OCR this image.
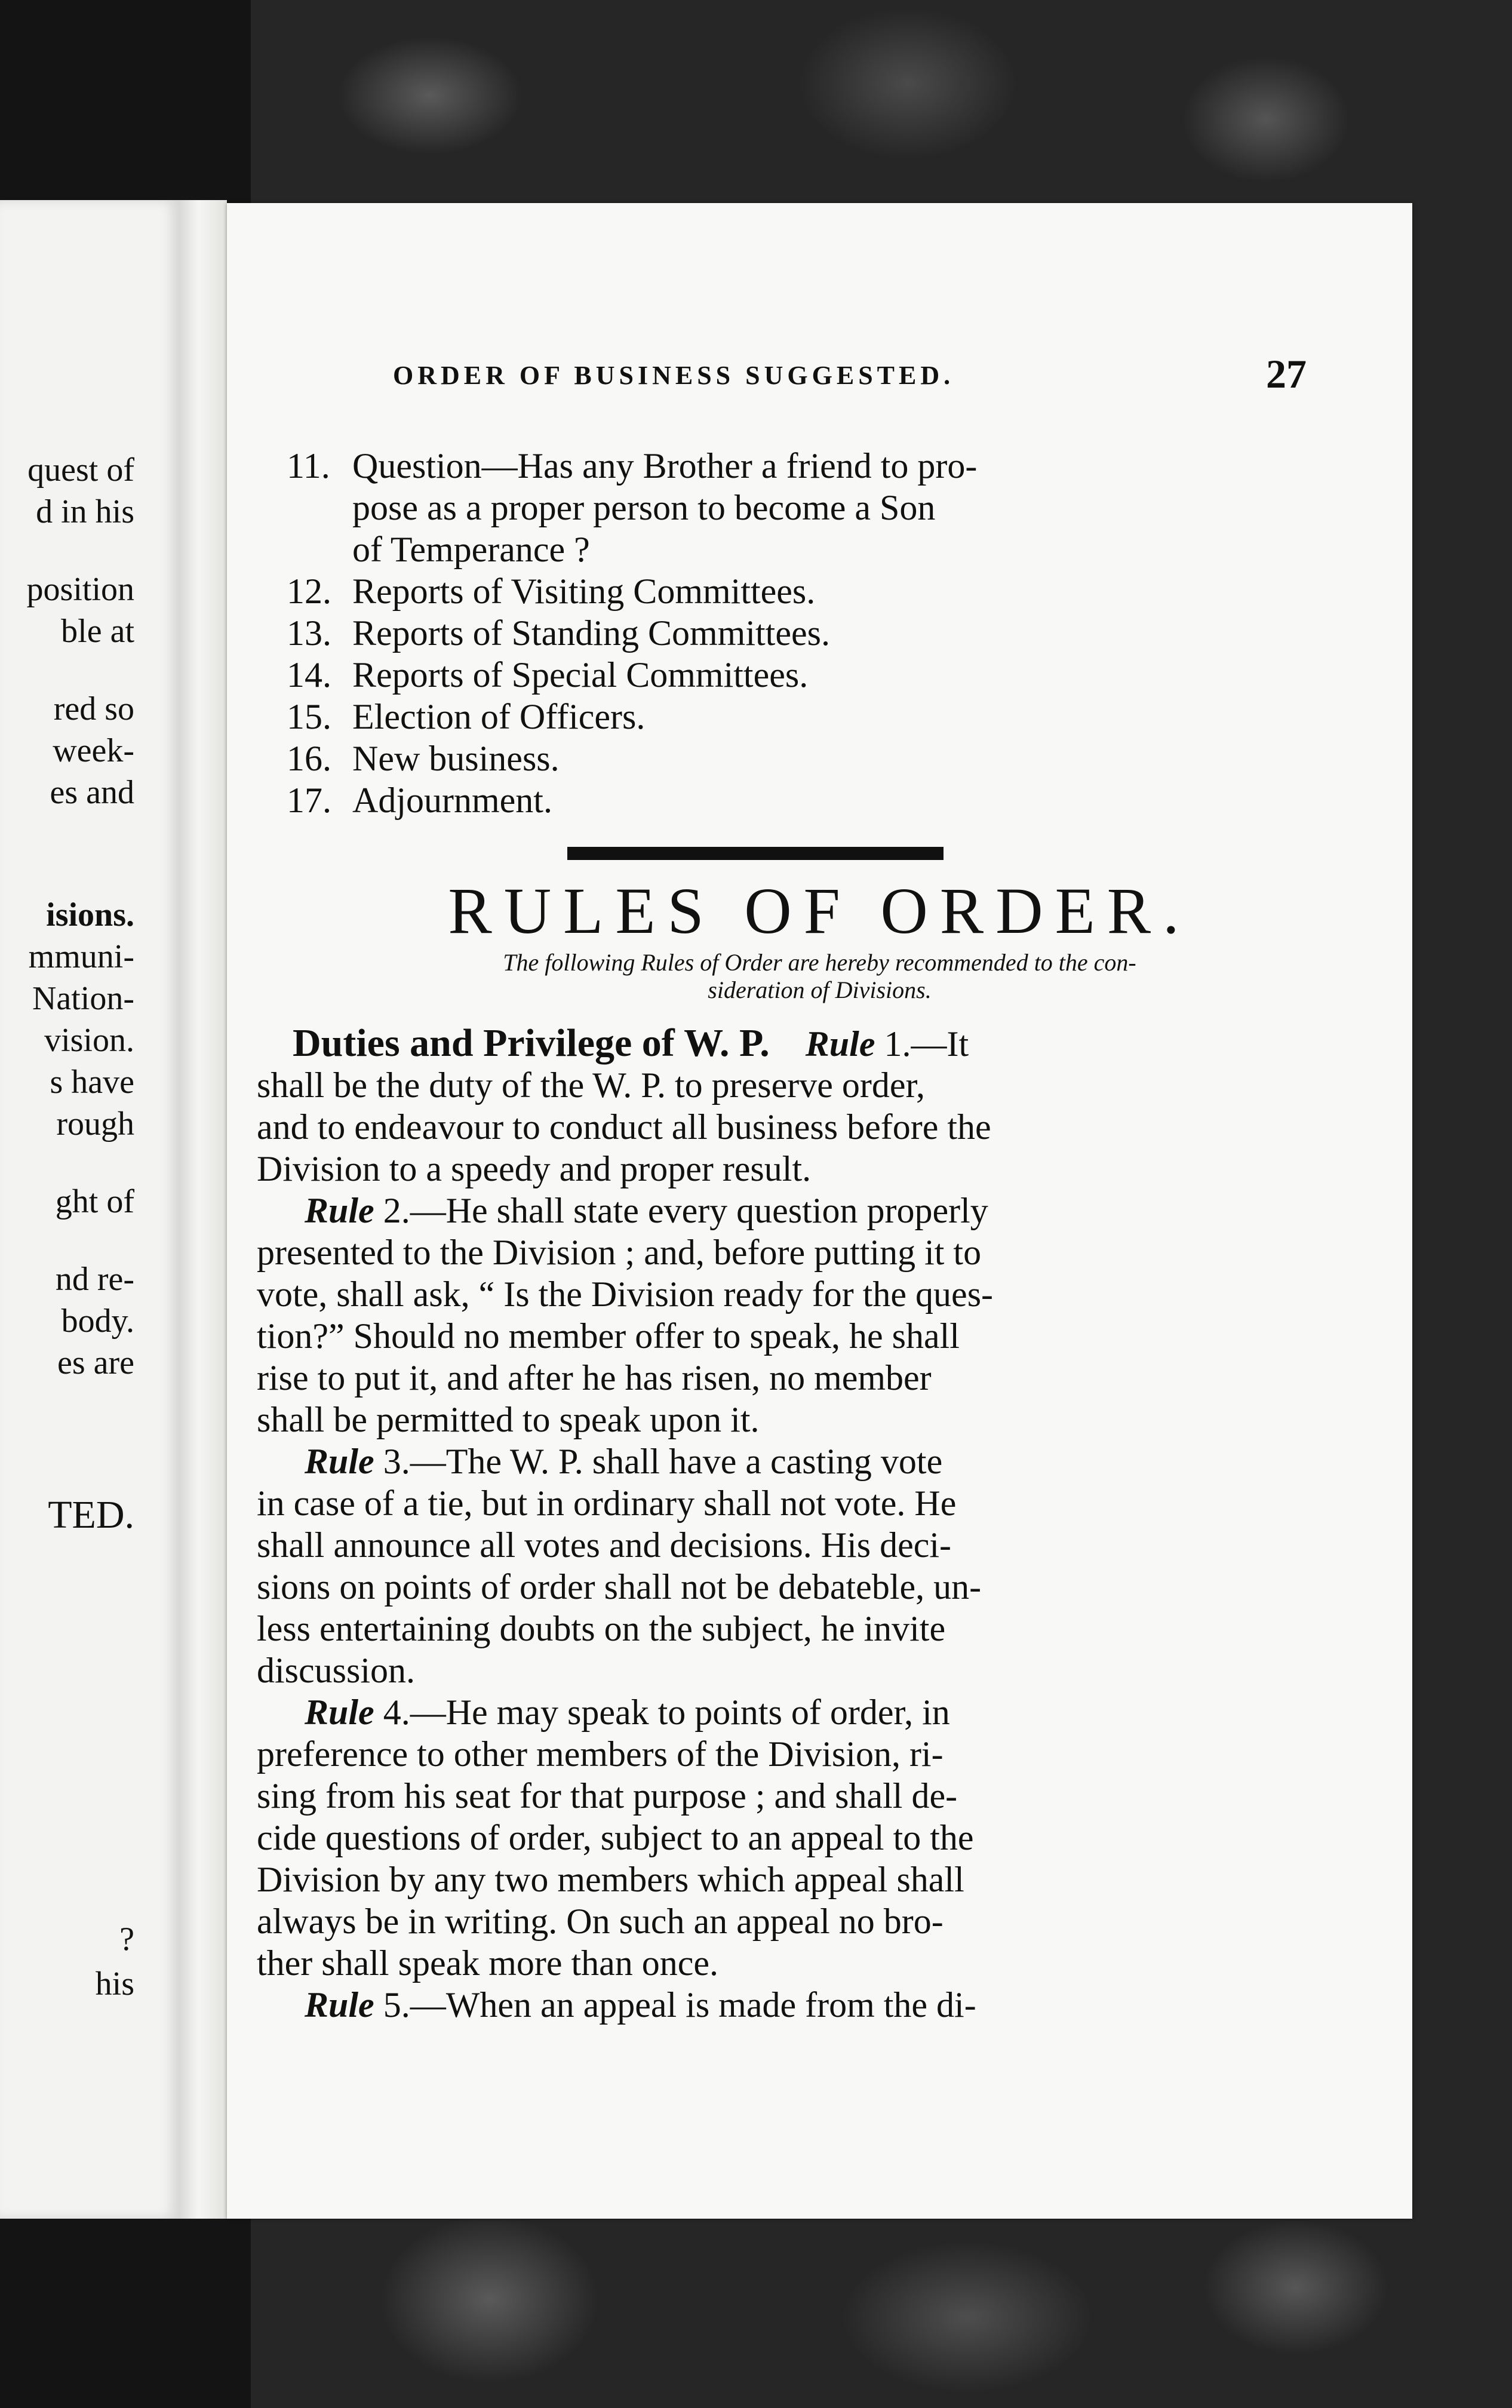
quest of
d in his
position
ble at
red so
week-
es and
isions.
mmuni-
Nation-
vision.
s have
rough
ght of
nd re-
body.
es are
TED.
?
his
ORDER OF BUSINESS SUGGESTED.	27
11. Question—Has any Brother a friend to pro-
pose as a proper person to become a Son
of Temperance ?
12. Reports of Visiting Committees.
13. Reports of Standing Committees.
14. Reports of Special Committees.
15. Election of Officers.
16. New business.
17. Adjournment.
RULES OF ORDER.
The following Rules of Order are hereby recommended to the con-
sideration of Divisions.
Duties and Privilege of W. P. Rule 1.—It
shall be the duty of the W. P. to preserve order,
and to endeavour to conduct all business before the
Division to a speedy and proper result.
Rule 2.—He shall state every question properly
presented to the Division ; and, before putting it to
vote, shall ask, “ Is the Division ready for the ques-
tion?” Should no member offer to speak, he shall
rise to put it, and after he has risen, no member
shall be permitted to speak upon it.
Rule 3.—The W. P. shall have a casting vote
in case of a tie, but in ordinary shall not vote. He
shall announce all votes and decisions. His deci-
sions on points of order shall not be debateble, un-
less entertaining doubts on the subject, he invite
discussion.
Rule 4.—He may speak to points of order, in
preference to other members of the Division, ri-
sing from his seat for that purpose ; and shall de-
cide questions of order, subject to an appeal to the
Division by any two members which appeal shall
always be in writing. On such an appeal no bro-
ther shall speak more than once.
Rule 5.—When an appeal is made from the di-
